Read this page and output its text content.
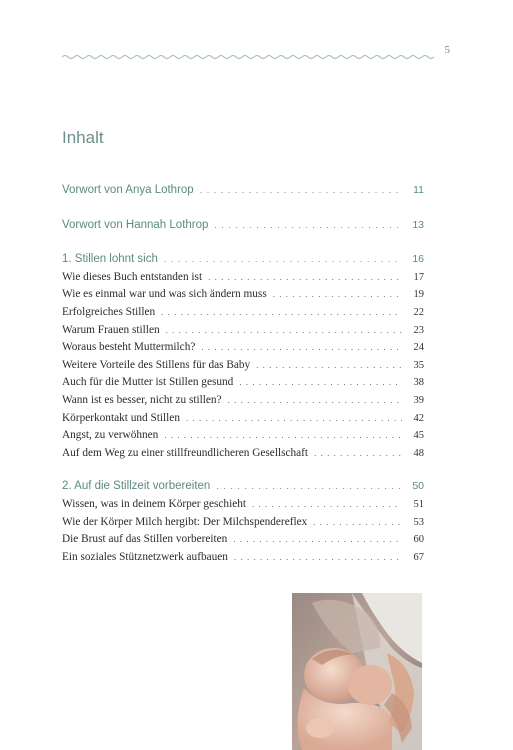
5
Inhalt
Vorwort von Anya Lothrop . . .	11
Vorwort von Hannah Lothrop . . .	13
1. Stillen lohnt sich . . .	16
Wie dieses Buch entstanden ist . . .	17
Wie es einmal war und was sich ändern muss . . .	19
Erfolgreiches Stillen . . .	22
Warum Frauen stillen . . .	23
Woraus besteht Muttermilch? . . .	24
Weitere Vorteile des Stillens für das Baby . . .	35
Auch für die Mutter ist Stillen gesund . . .	38
Wann ist es besser, nicht zu stillen? . . .	39
Körperkontakt und Stillen . . .	42
Angst, zu verwöhnen . . .	45
Auf dem Weg zu einer stillfreundlicheren Gesellschaft . . .	48
2. Auf die Stillzeit vorbereiten . . .	50
Wissen, was in deinem Körper geschieht . . .	51
Wie der Körper Milch hergibt: Der Milchspendereflex . . .	53
Die Brust auf das Stillen vorbereiten . . .	60
Ein soziales Stütznetzwerk aufbauen . . .	67
